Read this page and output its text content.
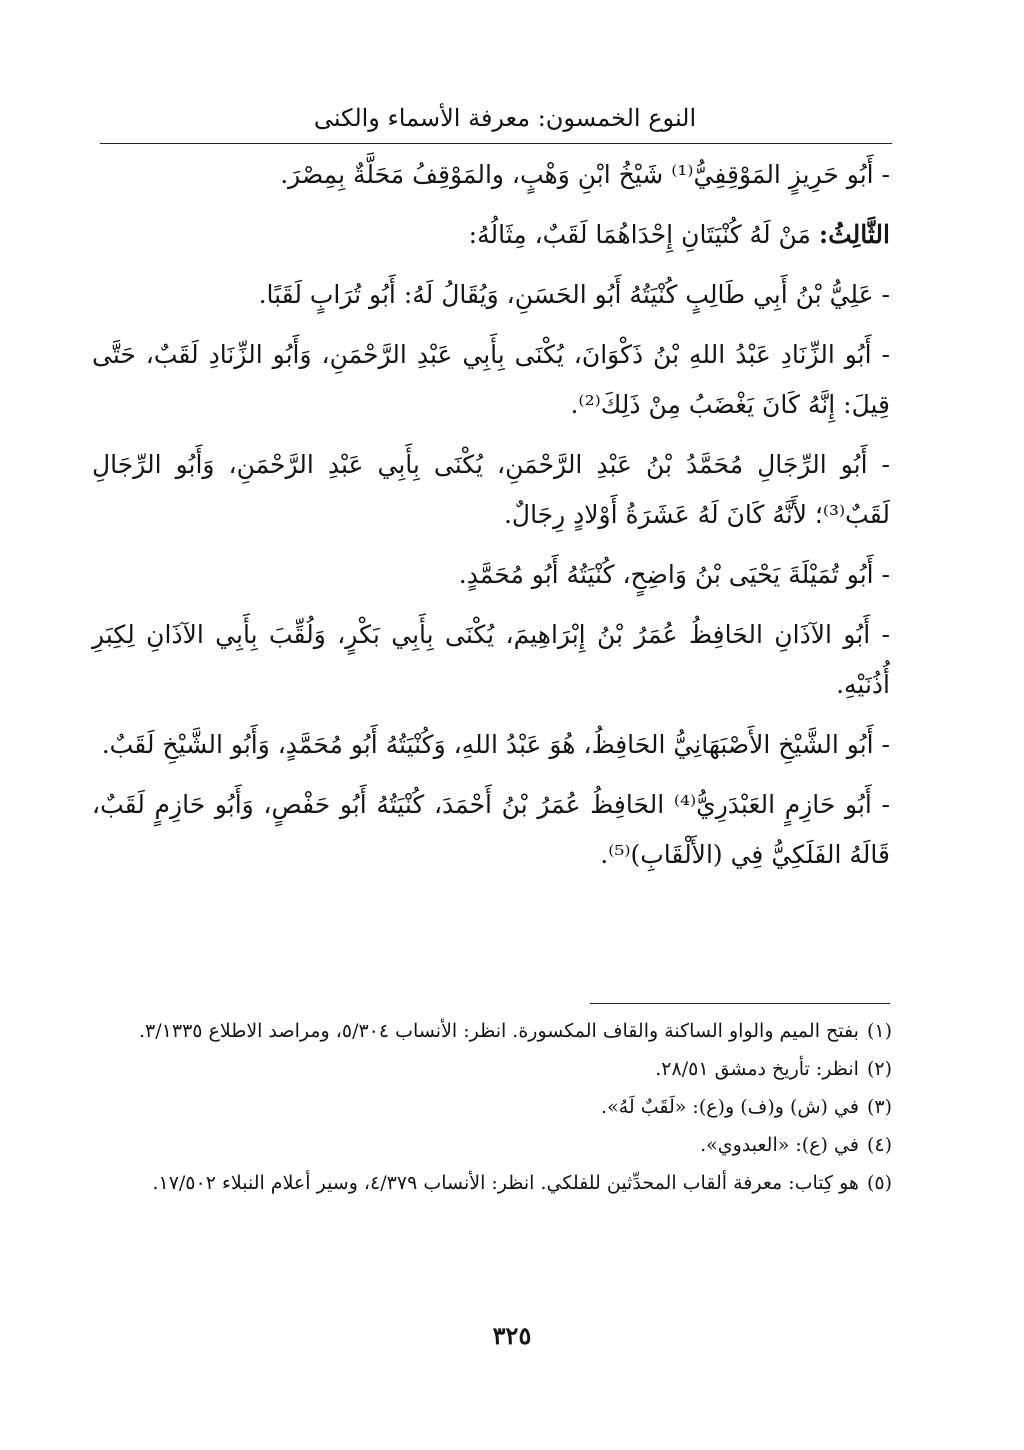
النوع الخمسون: معرفة الأسماء والكنى

- أَبُو حَرِيزٍ المَوْقِفِيُّ⁽¹⁾ شَيْخُ ابْنِ وَهْبٍ، والمَوْقِفُ مَحَلَّةٌ بِمِصْرَ.

الثَّالِثُ: مَنْ لَهُ كُنْيَتَانِ إِحْدَاهُمَا لَقَبٌ، مِثَالُهُ:

- عَلِيُّ بْنُ أَبِي طَالِبٍ كُنْيَتُهُ أَبُو الحَسَنِ، وَيُقَالُ لَهُ: أَبُو تُرَابٍ لَقَبًا.

- أَبُو الزِّنَادِ عَبْدُ اللهِ بْنُ ذَكْوَانَ، يُكْنَى بِأَبِي عَبْدِ الرَّحْمَنِ، وَأَبُو الزِّنَادِ لَقَبٌ، حَتَّى قِيلَ: إِنَّهُ كَانَ يَغْضَبُ مِنْ ذَلِكَ⁽²⁾.

- أَبُو الرِّجَالِ مُحَمَّدُ بْنُ عَبْدِ الرَّحْمَنِ، يُكْنَى بِأَبِي عَبْدِ الرَّحْمَنِ، وَأَبُو الرِّجَالِ لَقَبٌ⁽³⁾؛ لأَنَّهُ كَانَ لَهُ عَشَرَةُ أَوْلادٍ رِجَالٌ.

- أَبُو تُمَيْلَةَ يَحْيَى بْنُ وَاضِحٍ، كُنْيَتُهُ أَبُو مُحَمَّدٍ.

- أَبُو الآذَانِ الحَافِظُ عُمَرُ بْنُ إِبْرَاهِيمَ، يُكْنَى بِأَبِي بَكْرٍ، وَلُقِّبَ بِأَبِي الآذَانِ لِكِبَرِ أُذُنَيْهِ.

- أَبُو الشَّيْخِ الأَصْبَهَانِيُّ الحَافِظُ، هُوَ عَبْدُ اللهِ، وَكُنْيَتُهُ أَبُو مُحَمَّدٍ، وَأَبُو الشَّيْخِ لَقَبٌ.

- أَبُو حَازِمٍ العَبْدَرِيُّ⁽⁴⁾ الحَافِظُ عُمَرُ بْنُ أَحْمَدَ، كُنْيَتُهُ أَبُو حَفْصٍ، وَأَبُو حَازِمٍ لَقَبٌ، قَالَهُ الفَلَكِيُّ فِي (الأَلْقَابِ)⁽⁵⁾.

(١)بفتح الميم والواو الساكنة والقاف المكسورة. انظر: الأنساب ٥/٣٠٤، ومراصد الاطلاع ٣/١٣٣٥.

(٢)انظر: تأريخ دمشق ٢٨/٥١.

(٣)في (ش) و(ف) و(ع): «لَقَبٌ لَهُ».

(٤)في (ع): «العبدوي».

(٥)هو كِتاب: معرفة ألقاب المحدِّثين للفلكي. انظر: الأنساب ٤/٣٧٩، وسير أعلام النبلاء ١٧/٥٠٢.

٣٢٥
